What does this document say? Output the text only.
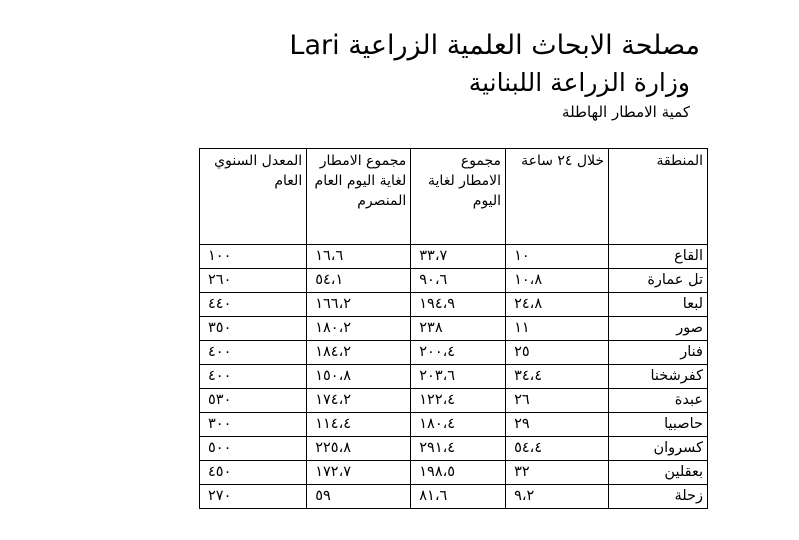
مصلحة الابحاث العلمية الزراعية Lari
وزارة الزراعة اللبنانية
كمية الامطار الهاطلة
المنطقة	خلال ٢٤ ساعة	مجموع الامطار لغاية اليوم	مجموع الامطار لغاية اليوم العام المنصرم	المعدل السنوي العام
القاع	١٠	٣٣،٧	١٦،٦	١٠٠
تل عمارة	١٠،٨	٩٠،٦	٥٤،١	٢٦٠
لبعا	٢٤،٨	١٩٤،٩	١٦٦،٢	٤٤٠
صور	١١	٢٣٨	١٨٠،٢	٣٥٠
فنار	٢٥	٢٠٠،٤	١٨٤،٢	٤٠٠
كفرشخنا	٣٤،٤	٢٠٣،٦	١٥٠،٨	٤٠٠
عبدة	٢٦	١٢٢،٤	١٧٤،٢	٥٣٠
حاصبيا	٢٩	١٨٠،٤	١١٤،٤	٣٠٠
كسروان	٥٤،٤	٢٩١،٤	٢٢٥،٨	٥٠٠
بعقلين	٣٢	١٩٨،٥	١٧٢،٧	٤٥٠
زحلة	٩،٢	٨١،٦	٥٩	٢٧٠
